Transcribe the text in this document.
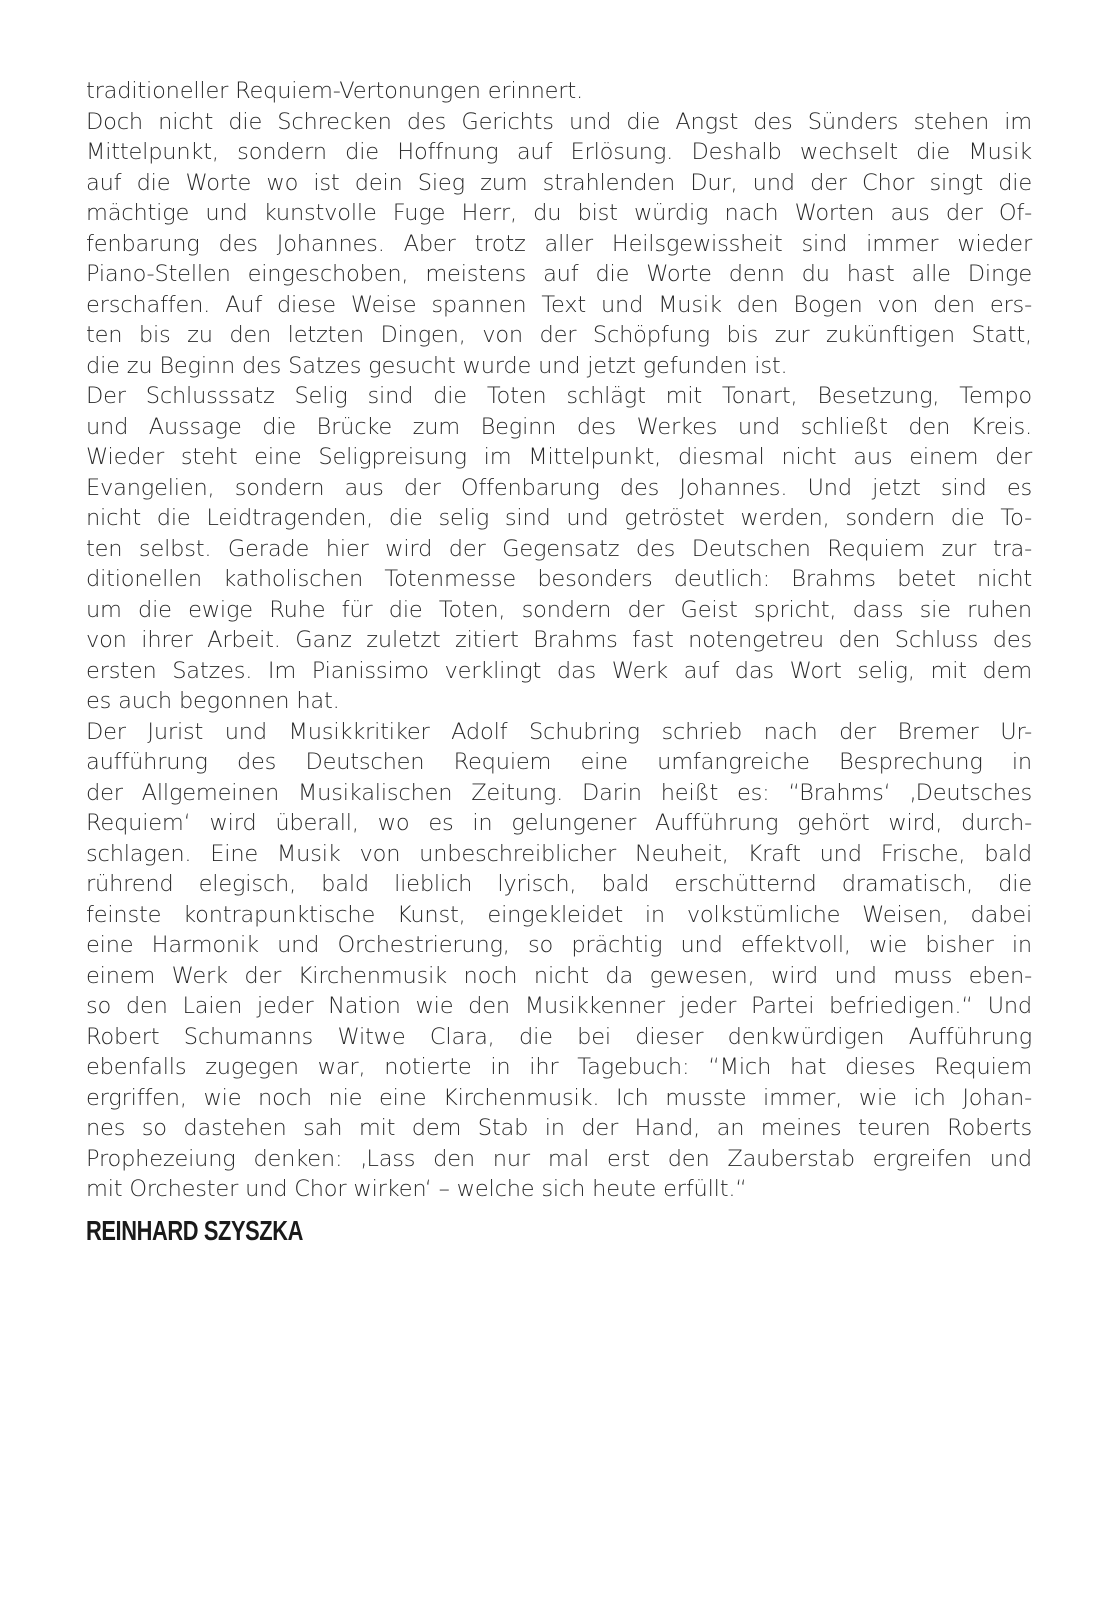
traditioneller Requiem-Vertonungen erinnert.
Doch nicht die Schrecken des Gerichts und die Angst des Sünders stehen im
Mittelpunkt, sondern die Hoffnung auf Erlösung. Deshalb wechselt die Musik
auf die Worte wo ist dein Sieg zum strahlenden Dur, und der Chor singt die
mächtige und kunstvolle Fuge Herr, du bist würdig nach Worten aus der Of-
fenbarung des Johannes. Aber trotz aller Heilsgewissheit sind immer wieder
Piano-Stellen eingeschoben, meistens auf die Worte denn du hast alle Dinge
erschaffen. Auf diese Weise spannen Text und Musik den Bogen von den ers-
ten bis zu den letzten Dingen, von der Schöpfung bis zur zukünftigen Statt,
die zu Beginn des Satzes gesucht wurde und jetzt gefunden ist.
Der Schlusssatz Selig sind die Toten schlägt mit Tonart, Besetzung, Tempo
und Aussage die Brücke zum Beginn des Werkes und schließt den Kreis.
Wieder steht eine Seligpreisung im Mittelpunkt, diesmal nicht aus einem der
Evangelien, sondern aus der Offenbarung des Johannes. Und jetzt sind es
nicht die Leidtragenden, die selig sind und getröstet werden, sondern die To-
ten selbst. Gerade hier wird der Gegensatz des Deutschen Requiem zur tra-
ditionellen katholischen Totenmesse besonders deutlich: Brahms betet nicht
um die ewige Ruhe für die Toten, sondern der Geist spricht, dass sie ruhen
von ihrer Arbeit. Ganz zuletzt zitiert Brahms fast notengetreu den Schluss des
ersten Satzes. Im Pianissimo verklingt das Werk auf das Wort selig, mit dem
es auch begonnen hat.
Der Jurist und Musikkritiker Adolf Schubring schrieb nach der Bremer Ur-
aufführung des Deutschen Requiem eine umfangreiche Besprechung in
der Allgemeinen Musikalischen Zeitung. Darin heißt es: “Brahms‘ ‚Deutsches
Requiem‘ wird überall, wo es in gelungener Aufführung gehört wird, durch-
schlagen. Eine Musik von unbeschreiblicher Neuheit, Kraft und Frische, bald
rührend elegisch, bald lieblich lyrisch, bald erschütternd dramatisch, die
feinste kontrapunktische Kunst, eingekleidet in volkstümliche Weisen, dabei
eine Harmonik und Orchestrierung, so prächtig und effektvoll, wie bisher in
einem Werk der Kirchenmusik noch nicht da gewesen, wird und muss eben-
so den Laien jeder Nation wie den Musikkenner jeder Partei befriedigen.“ Und
Robert Schumanns Witwe Clara, die bei dieser denkwürdigen Aufführung
ebenfalls zugegen war, notierte in ihr Tagebuch: “Mich hat dieses Requiem
ergriffen, wie noch nie eine Kirchenmusik. Ich musste immer, wie ich Johan-
nes so dastehen sah mit dem Stab in der Hand, an meines teuren Roberts
Prophezeiung denken: ‚Lass den nur mal erst den Zauberstab ergreifen und
mit Orchester und Chor wirken‘ – welche sich heute erfüllt.“
REINHARD SZYSZKA
